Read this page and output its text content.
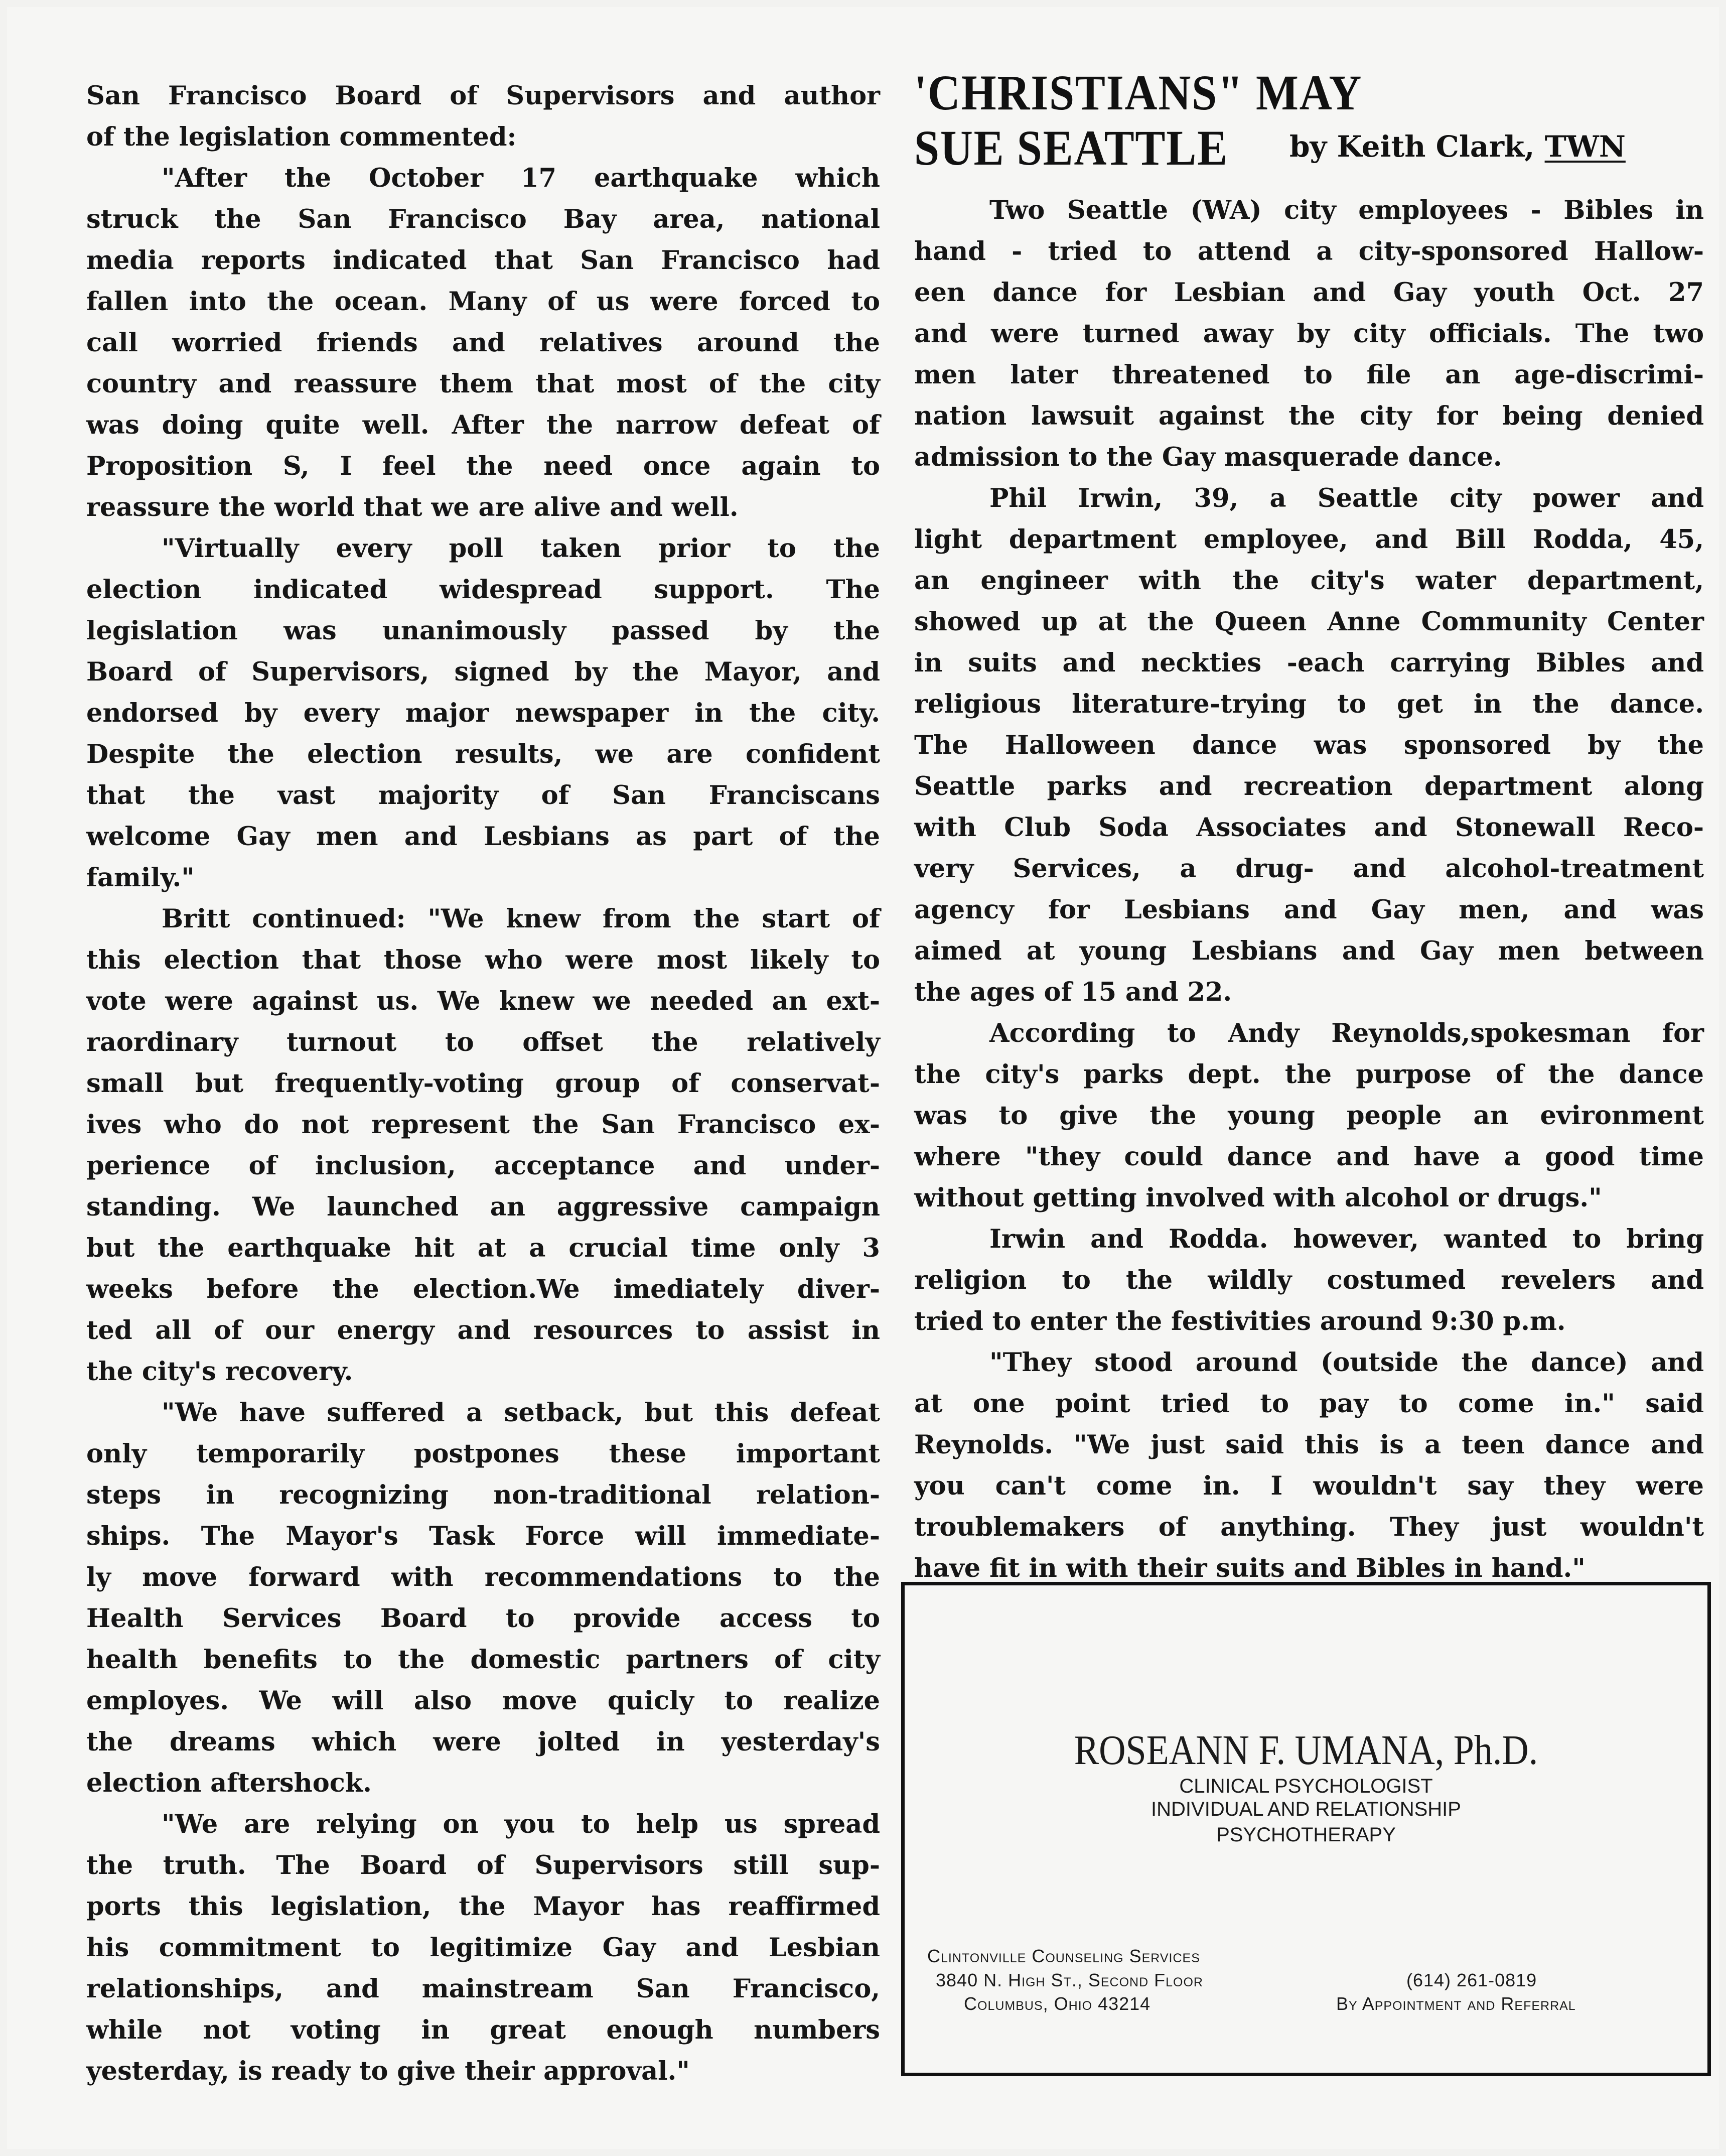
San Francisco Board of Supervisors and author
of the legislation commented:
"After the October 17 earthquake which
struck the San Francisco Bay area, national
media reports indicated that San Francisco had
fallen into the ocean. Many of us were forced to
call worried friends and relatives around the
country and reassure them that most of the city
was doing quite well. After the narrow defeat of
Proposition S, I feel the need once again to
reassure the world that we are alive and well.
"Virtually every poll taken prior to the
election indicated widespread support. The
legislation was unanimously passed by the
Board of Supervisors, signed by the Mayor, and
endorsed by every major newspaper in the city.
Despite the election results, we are confident
that the vast majority of San Franciscans
welcome Gay men and Lesbians as part of the
family."
Britt continued: "We knew from the start of
this election that those who were most likely to
vote were against us. We knew we needed an ext-
raordinary turnout to offset the relatively
small but frequently-voting group of conservat-
ives who do not represent the San Francisco ex-
perience of inclusion, acceptance and under-
standing. We launched an aggressive campaign
but the earthquake hit at a crucial time only 3
weeks before the election.We imediately diver-
ted all of our energy and resources to assist in
the city's recovery.
"We have suffered a setback, but this defeat
only temporarily postpones these important
steps in recognizing non-traditional relation-
ships. The Mayor's Task Force will immediate-
ly move forward with recommendations to the
Health Services Board to provide access to
health benefits to the domestic partners of city
employes. We will also move quicly to realize
the dreams which were jolted in yesterday's
election aftershock.
"We are relying on you to help us spread
the truth. The Board of Supervisors still sup-
ports this legislation, the Mayor has reaffirmed
his commitment to legitimize Gay and Lesbian
relationships, and mainstream San Francisco,
while not voting in great enough numbers
yesterday, is ready to give their approval."
'CHRISTIANS" MAY
SUE SEATTLE	by Keith Clark, TWN
Two Seattle (WA) city employees - Bibles in
hand - tried to attend a city-sponsored Hallow-
een dance for Lesbian and Gay youth Oct. 27
and were turned away by city officials. The two
men later threatened to file an age-discrimi-
nation lawsuit against the city for being denied
admission to the Gay masquerade dance.
Phil Irwin, 39, a Seattle city power and
light department employee, and Bill Rodda, 45,
an engineer with the city's water department,
showed up at the Queen Anne Community Center
in suits and neckties -each carrying Bibles and
religious literature-trying to get in the dance.
The Halloween dance was sponsored by the
Seattle parks and recreation department along
with Club Soda Associates and Stonewall Reco-
very Services, a drug- and alcohol-treatment
agency for Lesbians and Gay men, and was
aimed at young Lesbians and Gay men between
the ages of 15 and 22.
According to Andy Reynolds,spokesman for
the city's parks dept. the purpose of the dance
was to give the young people an evironment
where "they could dance and have a good time
without getting involved with alcohol or drugs."
Irwin and Rodda. however, wanted to bring
religion to the wildly costumed revelers and
tried to enter the festivities around 9:30 p.m.
"They stood around (outside the dance) and
at one point tried to pay to come in." said
Reynolds. "We just said this is a teen dance and
you can't come in. I wouldn't say they were
troublemakers of anything. They just wouldn't
have fit in with their suits and Bibles in hand."
ROSEANN F. UMANA, Ph.D.
CLINICAL PSYCHOLOGIST
INDIVIDUAL AND RELATIONSHIP
PSYCHOTHERAPY
Clintonville Counseling Services
3840 N. High St., Second Floor
Columbus, Ohio 43214
(614) 261-0819
By Appointment and Referral
